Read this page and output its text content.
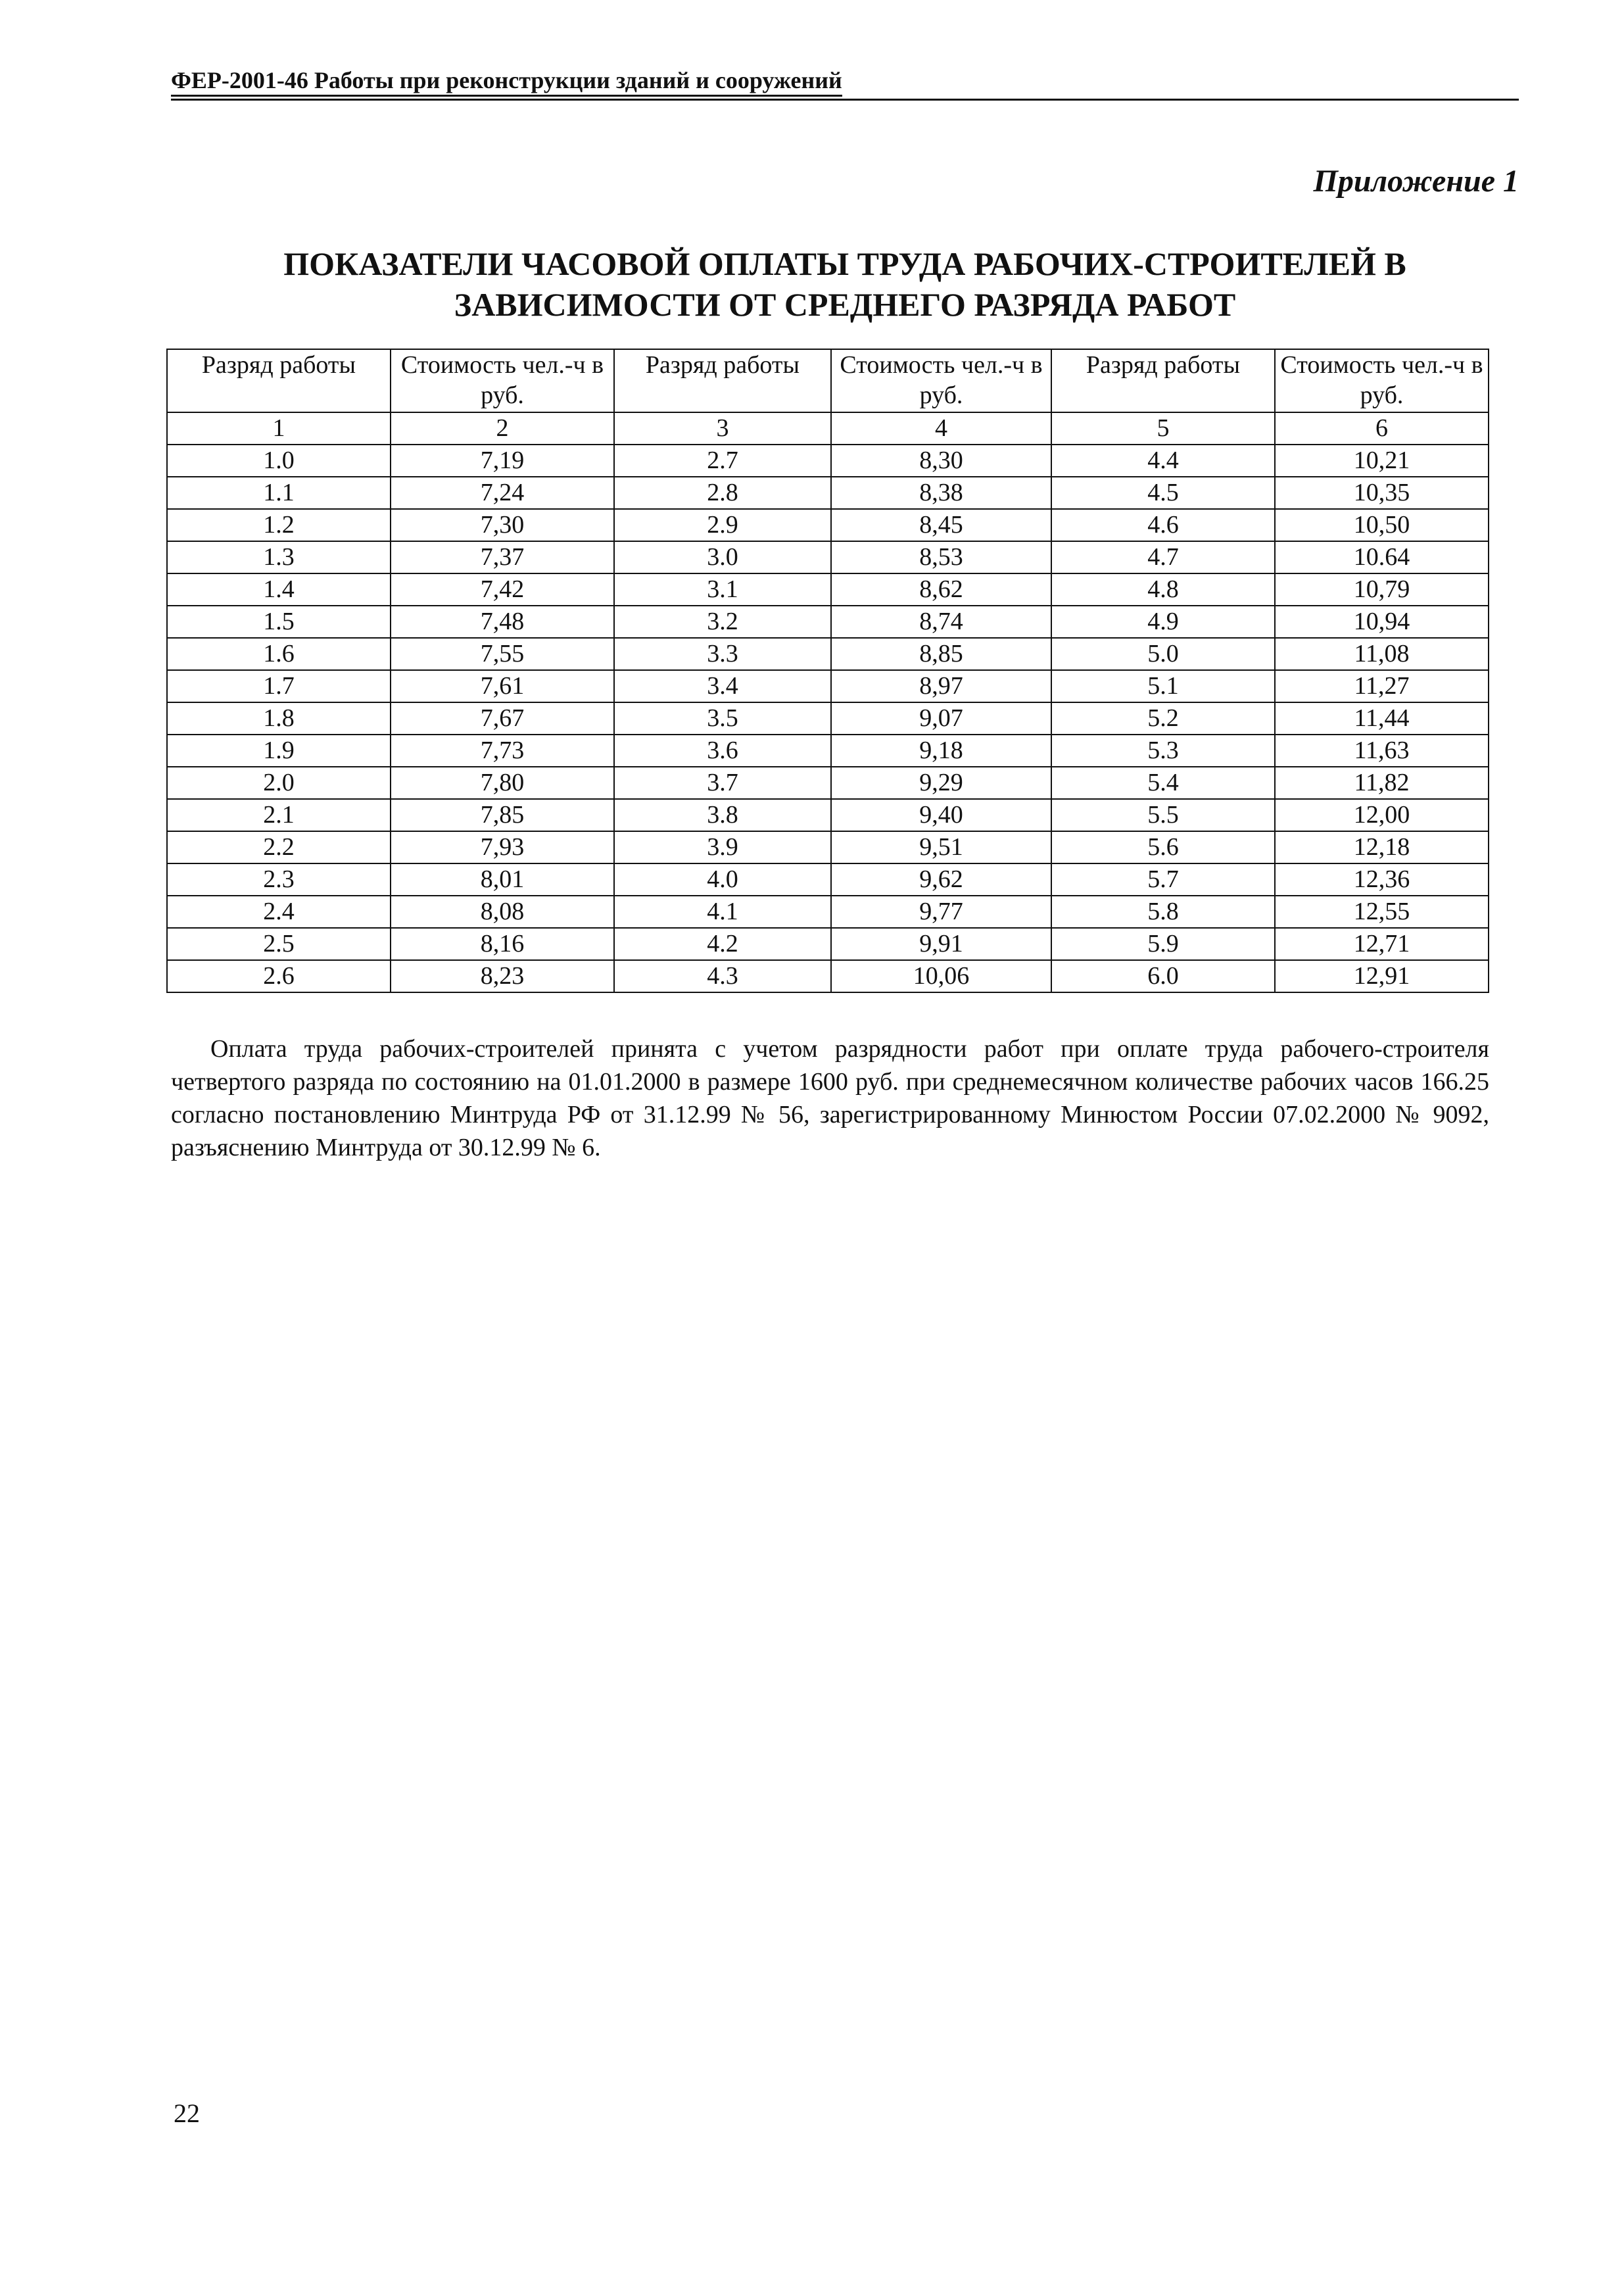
ФЕР-2001-46 Работы при реконструкции зданий и сооружений
Приложение 1
ПОКАЗАТЕЛИ ЧАСОВОЙ ОПЛАТЫ ТРУДА РАБОЧИХ-СТРОИТЕЛЕЙ В
ЗАВИСИМОСТИ ОТ СРЕДНЕГО РАЗРЯДА РАБОТ
Разряд работы	Стоимость чел.-ч в руб.	Разряд работы	Стоимость чел.-ч в руб.	Разряд работы	Стоимость чел.-ч в руб.
1	2	3	4	5	6
1.0	7,19	2.7	8,30	4.4	10,21
1.1	7,24	2.8	8,38	4.5	10,35
1.2	7,30	2.9	8,45	4.6	10,50
1.3	7,37	3.0	8,53	4.7	10.64
1.4	7,42	3.1	8,62	4.8	10,79
1.5	7,48	3.2	8,74	4.9	10,94
1.6	7,55	3.3	8,85	5.0	11,08
1.7	7,61	3.4	8,97	5.1	11,27
1.8	7,67	3.5	9,07	5.2	11,44
1.9	7,73	3.6	9,18	5.3	11,63
2.0	7,80	3.7	9,29	5.4	11,82
2.1	7,85	3.8	9,40	5.5	12,00
2.2	7,93	3.9	9,51	5.6	12,18
2.3	8,01	4.0	9,62	5.7	12,36
2.4	8,08	4.1	9,77	5.8	12,55
2.5	8,16	4.2	9,91	5.9	12,71
2.6	8,23	4.3	10,06	6.0	12,91
Оплата труда рабочих-строителей принята с учетом разрядности работ при оплате труда рабочего-строителя четвертого разряда по состоянию на 01.01.2000 в размере 1600 руб. при среднемесячном количестве рабочих часов 166.25 согласно постановлению Минтруда РФ от 31.12.99 № 56, зарегистрированному Минюстом России 07.02.2000 № 9092, разъяснению Минтруда от 30.12.99 № 6.
22
